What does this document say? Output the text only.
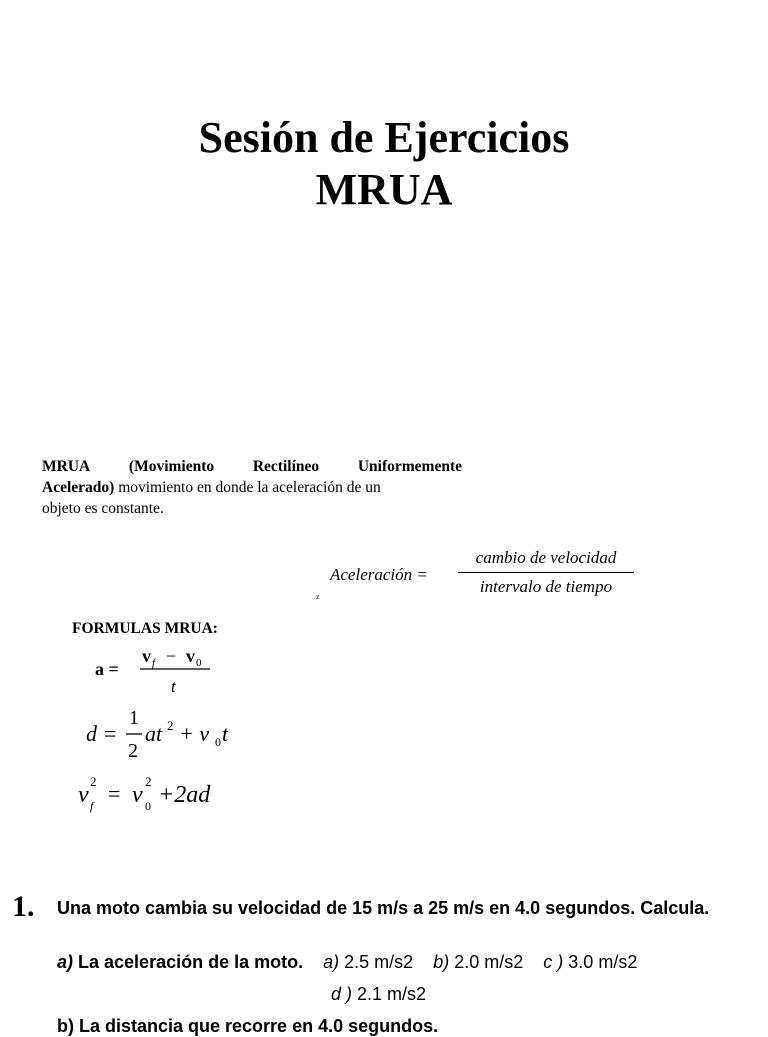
Sesión de Ejercicios
MRUA
MRUA (Movimiento Rectilíneo Uniformemente
Acelerado) movimiento en donde la aceleración de un
objeto es constante.
Aceleración =
cambio de velocidad
intervalo de tiempo
z
FORMULAS MRUA:
a =
v f − v 0
t
d =
1
2
at 2 + v 0 t
v
2
f = v
2
0 +2ad
1. Una moto cambia su velocidad de 15 m/s a 25 m/s en 4.0 segundos. Calcula.
a) La aceleración de la moto. a) 2.5 m/s2 b) 2.0 m/s2 c ) 3.0 m/s2
d ) 2.1 m/s2
b) La distancia que recorre en 4.0 segundos.
